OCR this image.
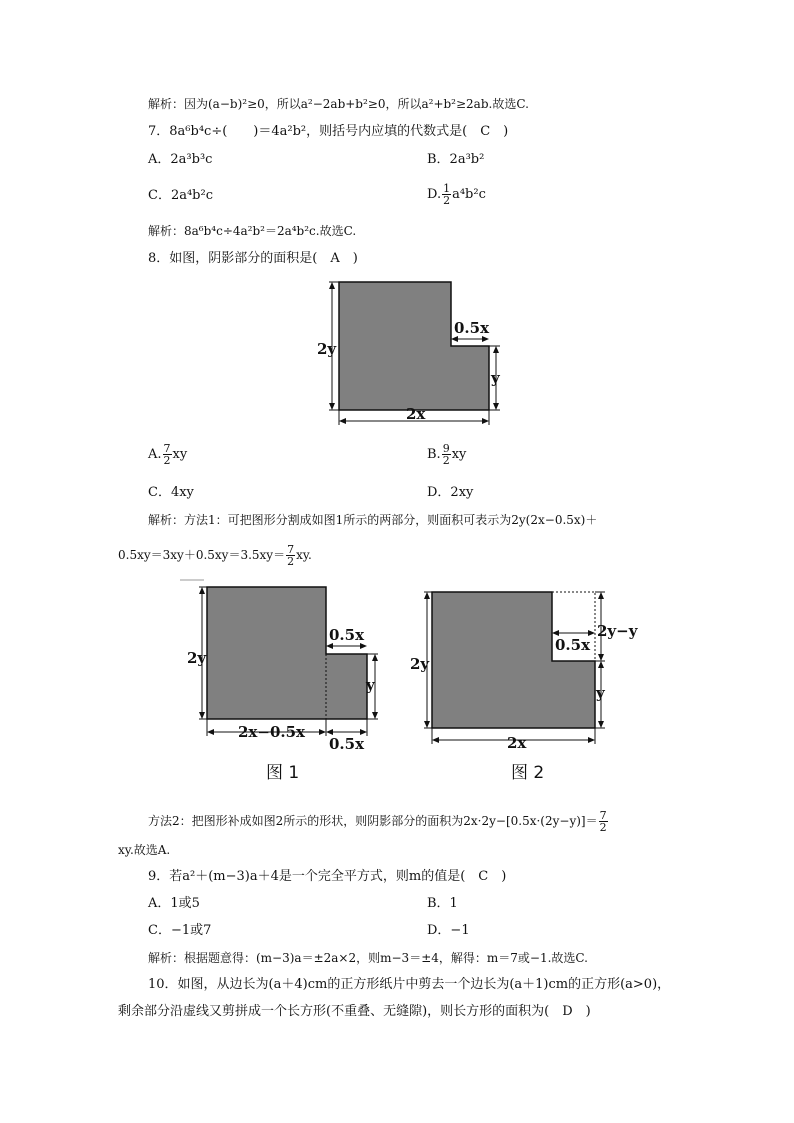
解析：因为(a−b)²≥0，所以a²−2ab+b²≥0，所以a²+b²≥2ab.故选C.
7．8a⁶b⁴c÷(　　)＝4a²b²，则括号内应填的代数式是(　C　)
A．2a³b³c	B．2a³b²
C．2a⁴b²c	D. $\frac{1}{2} a^4b^2c$
解析：8a⁶b⁴c÷4a²b²＝2a⁴b²c.故选C.
8．如图，阴影部分的面积是(　A　)
2y
0.5x
y
2x
A. $\frac{7}{2}$ xy	B. $\frac{9}{2}$ xy
C．4xy	D．2xy
解析：方法1：可把图形分割成如图1所示的两部分，则面积可表示为2y(2x−0.5x)＋
$0.5xy=3xy+0.5xy=3.5xy= \frac{7}{2}$ xy.
2y
0.5x
y
2x−0.5x
0.5x
图 1
2y
0.5x
2y−y
y
2x
图 2
方法2：把图形补成如图2所示的形状，则阴影部分的面积为$2x\cdot 2y-[0.5x\cdot(2y-y)]= \frac{7}{2}$
xy.故选A.
9．若a²＋(m−3)a＋4是一个完全平方式，则m的值是(　C　)
A．1或5	B．1
C．−1或7	D．−1
解析：根据题意得：(m−3)a＝±2a×2，则m−3＝±4，解得：m＝7或−1.故选C.
10．如图，从边长为(a＋4)cm的正方形纸片中剪去一个边长为(a＋1)cm的正方形(a>0)，
剩余部分沿虚线又剪拼成一个长方形(不重叠、无缝隙)，则长方形的面积为(　D　)
